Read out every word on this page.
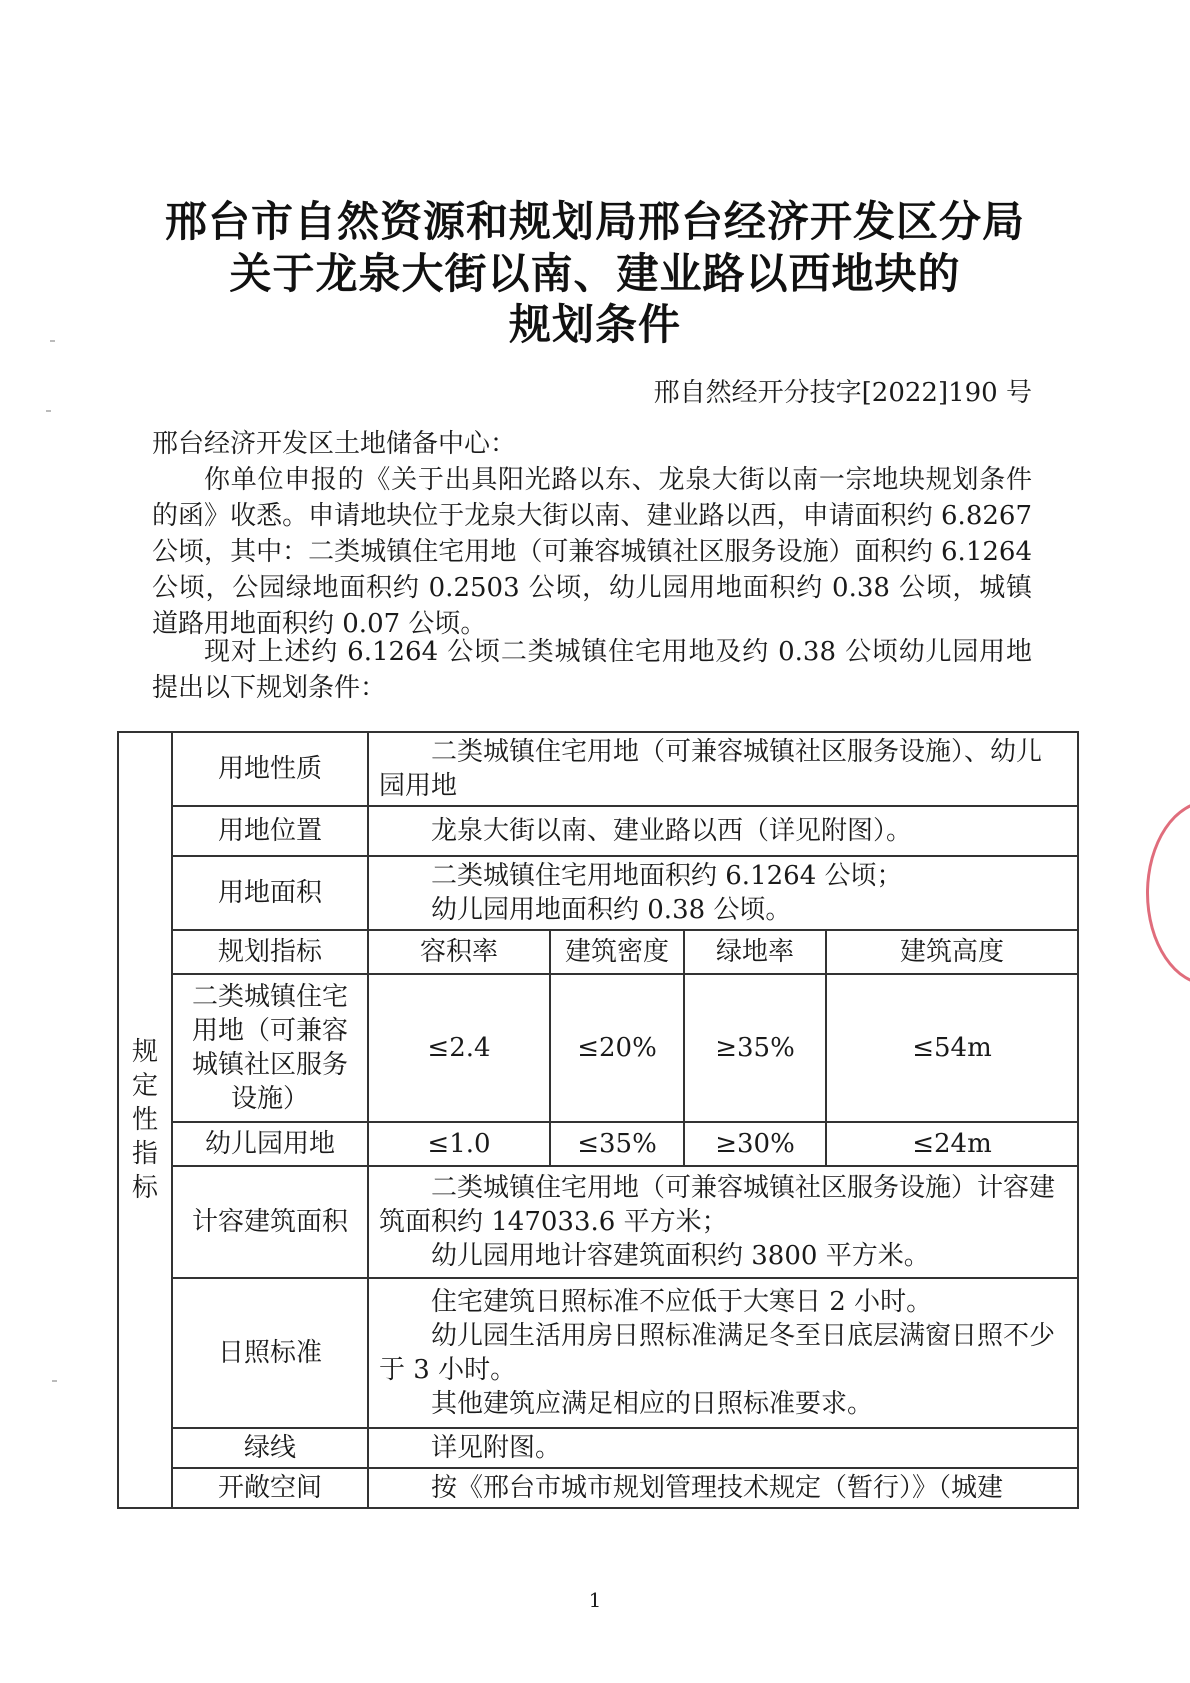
邢台市自然资源和规划局邢台经济开发区分局
关于龙泉大街以南、建业路以西地块的
规划条件
邢自然经开分技字[2022]190 号
邢台经济开发区土地储备中心：
你单位申报的《关于出具阳光路以东、龙泉大街以南一宗地块规划条件的函》收悉。申请地块位于龙泉大街以南、建业路以西，申请面积约 6.8267 公顷，其中：二类城镇住宅用地（可兼容城镇社区服务设施）面积约 6.1264 公顷，公园绿地面积约 0.2503 公顷，幼儿园用地面积约 0.38 公顷，城镇道路用地面积约 0.07 公顷。
现对上述约 6.1264 公顷二类城镇住宅用地及约 0.38 公顷幼儿园用地提出以下规划条件：
规
定
性
指
标	用地性质	二类城镇住宅用地（可兼容城镇社区服务设施）、幼儿园用地			

	用地位置	龙泉大街以南、建业路以西（详见附图）。			

	用地面积	二类城镇住宅用地面积约 6.1264 公顷；

幼儿园用地面积约 0.38 公顷。			

	规划指标	容积率	建筑密度	绿地率	建筑高度
	二类城镇住宅用地（可兼容城镇社区服务设施）	≤2.4	≤20%	≥35%	≤54m
	幼儿园用地	≤1.0	≤35%	≥30%	≤24m
	计容建筑面积	二类城镇住宅用地（可兼容城镇社区服务设施）计容建筑面积约 147033.6 平方米；

幼儿园用地计容建筑面积约 3800 平方米。			

	日照标准	住宅建筑日照标准不应低于大寒日 2 小时。

幼儿园生活用房日照标准满足冬至日底层满窗日照不少于 3 小时。

其他建筑应满足相应的日照标准要求。			

	绿线	详见附图。			

	开敞空间	按《邢台市城市规划管理技术规定（暂行）》（城建			

1
